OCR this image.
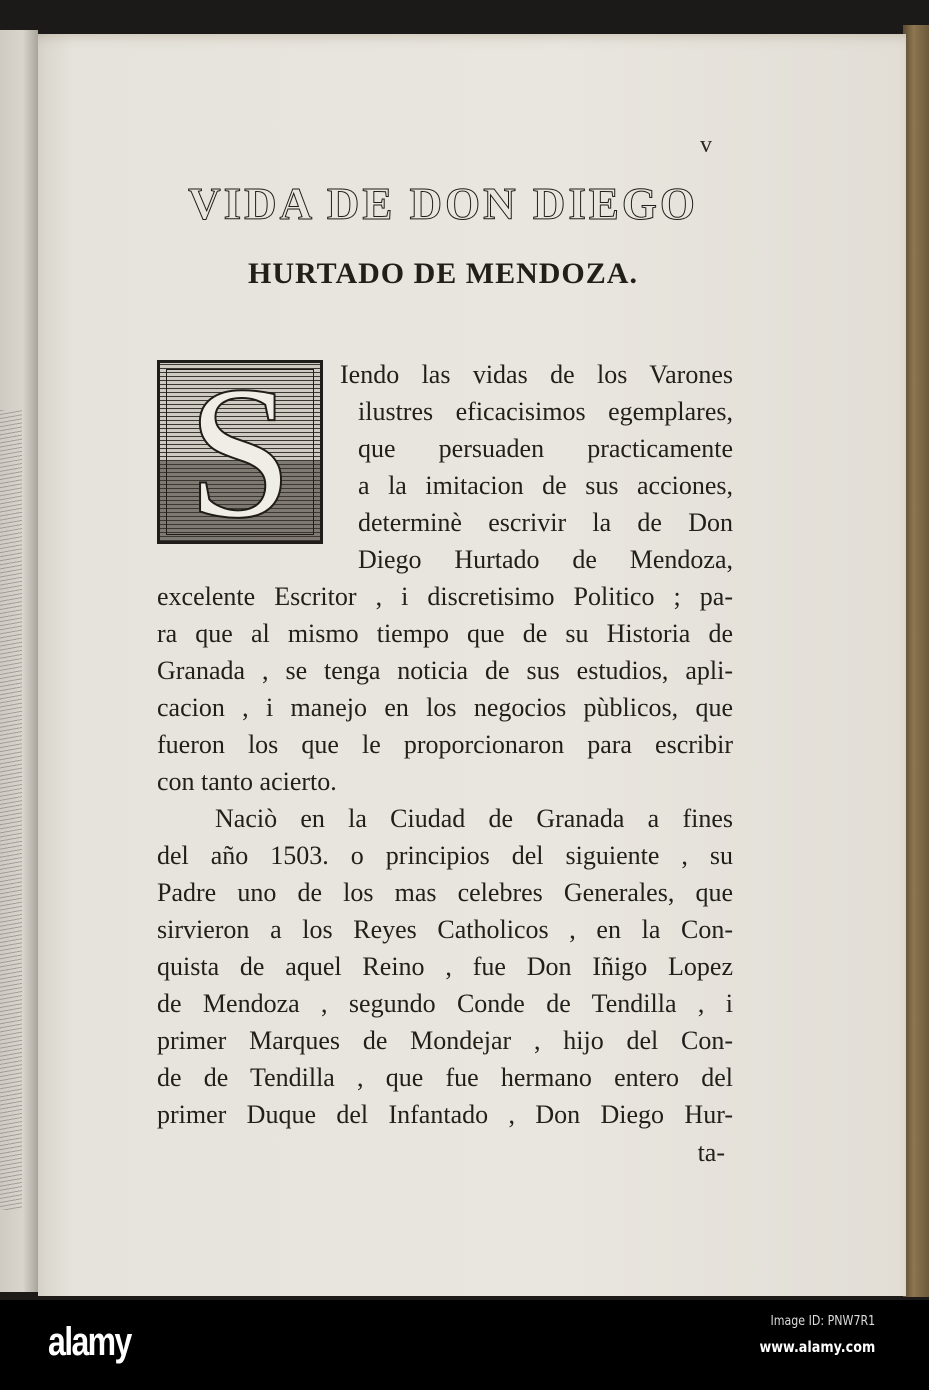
v
VIDA DE DON DIEGO
HURTADO DE MENDOZA.
S	Iendo las vidas de los Varones
ilustres eficacisimos egemplares,
que persuaden practicamente
a la imitacion de sus acciones,
determinè escrivir la de Don
Diego Hurtado de Mendoza,
excelente Escritor , i discretisimo Politico ; pa-
ra que al mismo tiempo que de su Historia de
Granada , se tenga noticia de sus estudios, apli-
cacion , i manejo en los negocios pùblicos, que
fueron los que le proporcionaron para escribir
con tanto acierto.
Naciò en la Ciudad de Granada a fines
del año 1503. o principios del siguiente , su
Padre uno de los mas celebres Generales, que
sirvieron a los Reyes Catholicos , en la Con-
quista de aquel Reino , fue Don Iñigo Lopez
de Mendoza , segundo Conde de Tendilla , i
primer Marques de Mondejar , hijo del Con-
de de Tendilla , que fue hermano entero del
primer Duque del Infantado , Don Diego Hur-
ta-
alamy	Image ID: PNW7R1
www.alamy.com
